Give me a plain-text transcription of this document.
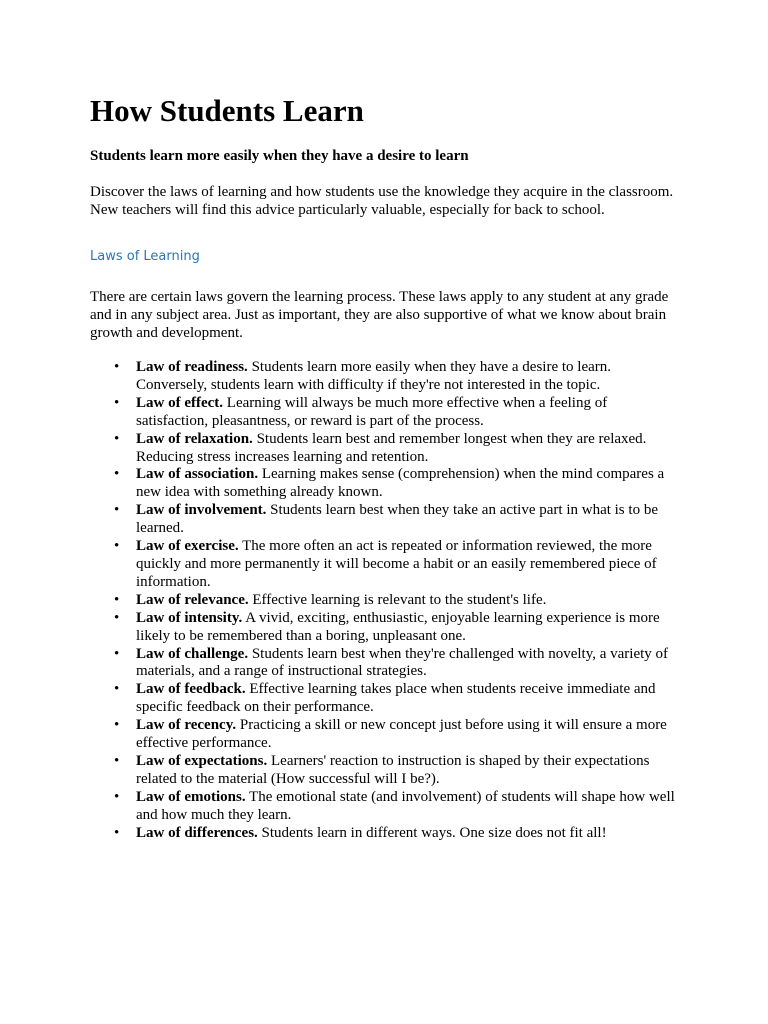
How Students Learn

Students learn more easily when they have a desire to learn

Discover the laws of learning and how students use the knowledge they acquire in the classroom.
New teachers will find this advice particularly valuable, especially for back to school.

Laws of Learning

There are certain laws govern the learning process. These laws apply to any student at any grade
and in any subject area. Just as important, they are also supportive of what we know about brain
growth and development.

• Law of readiness. Students learn more easily when they have a desire to learn.
Conversely, students learn with difficulty if they're not interested in the topic.
• Law of effect. Learning will always be much more effective when a feeling of
satisfaction, pleasantness, or reward is part of the process.
• Law of relaxation. Students learn best and remember longest when they are relaxed.
Reducing stress increases learning and retention.
• Law of association. Learning makes sense (comprehension) when the mind compares a
new idea with something already known.
• Law of involvement. Students learn best when they take an active part in what is to be
learned.
• Law of exercise. The more often an act is repeated or information reviewed, the more
quickly and more permanently it will become a habit or an easily remembered piece of
information.
• Law of relevance. Effective learning is relevant to the student's life.
• Law of intensity. A vivid, exciting, enthusiastic, enjoyable learning experience is more
likely to be remembered than a boring, unpleasant one.
• Law of challenge. Students learn best when they're challenged with novelty, a variety of
materials, and a range of instructional strategies.
• Law of feedback. Effective learning takes place when students receive immediate and
specific feedback on their performance.
• Law of recency. Practicing a skill or new concept just before using it will ensure a more
effective performance.
• Law of expectations. Learners' reaction to instruction is shaped by their expectations
related to the material (How successful will I be?).
• Law of emotions. The emotional state (and involvement) of students will shape how well
and how much they learn.
• Law of differences. Students learn in different ways. One size does not fit all!
